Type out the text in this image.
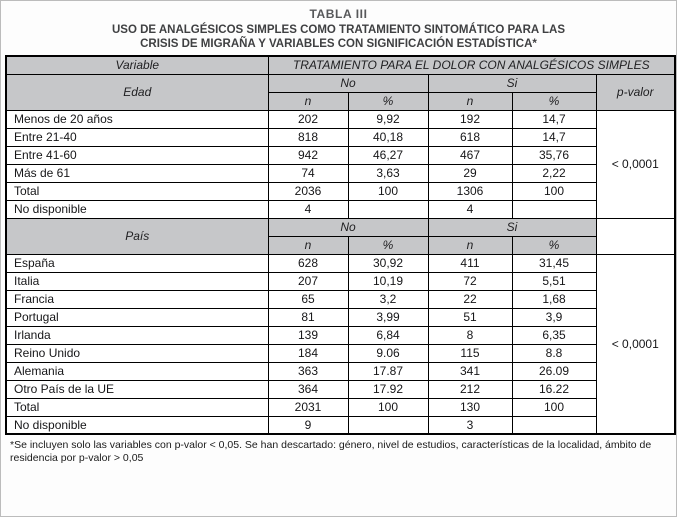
TABLA III
USO DE ANALGÉSICOS SIMPLES COMO TRATAMIENTO SINTOMÁTICO PARA LAS CRISIS DE MIGRAÑA Y VARIABLES CON SIGNIFICACIÓN ESTADÍSTICA*
Variable	TRATAMIENTO PARA EL DOLOR CON ANALGÉSICOS SIMPLES				
Edad	No		Si		p-valor
	n	%	n	%	
Menos de 20 años	202	9,92	192	14,7	< 0,0001
Entre 21-40	818	40,18	618	14,7	
Entre 41-60	942	46,27	467	35,76	
Más de 61	74	3,63	29	2,22	
Total	2036	100	1306	100	
No disponible	4		4		
País	No		Si		
	n	%	n	%	
España	628	30,92	411	31,45	< 0,0001
Italia	207	10,19	72	5,51	
Francia	65	3,2	22	1,68	
Portugal	81	3,99	51	3,9	
Irlanda	139	6,84	8	6,35	
Reino Unido	184	9.06	115	8.8	
Alemania	363	17.87	341	26.09	
Otro País de la UE	364	17.92	212	16.22	
Total	2031	100	130	100	
No disponible	9		3		
*Se incluyen solo las variables con p-valor < 0,05. Se han descartado: género, nivel de estudios, características de la localidad, ámbito de residencia por p-valor > 0,05
